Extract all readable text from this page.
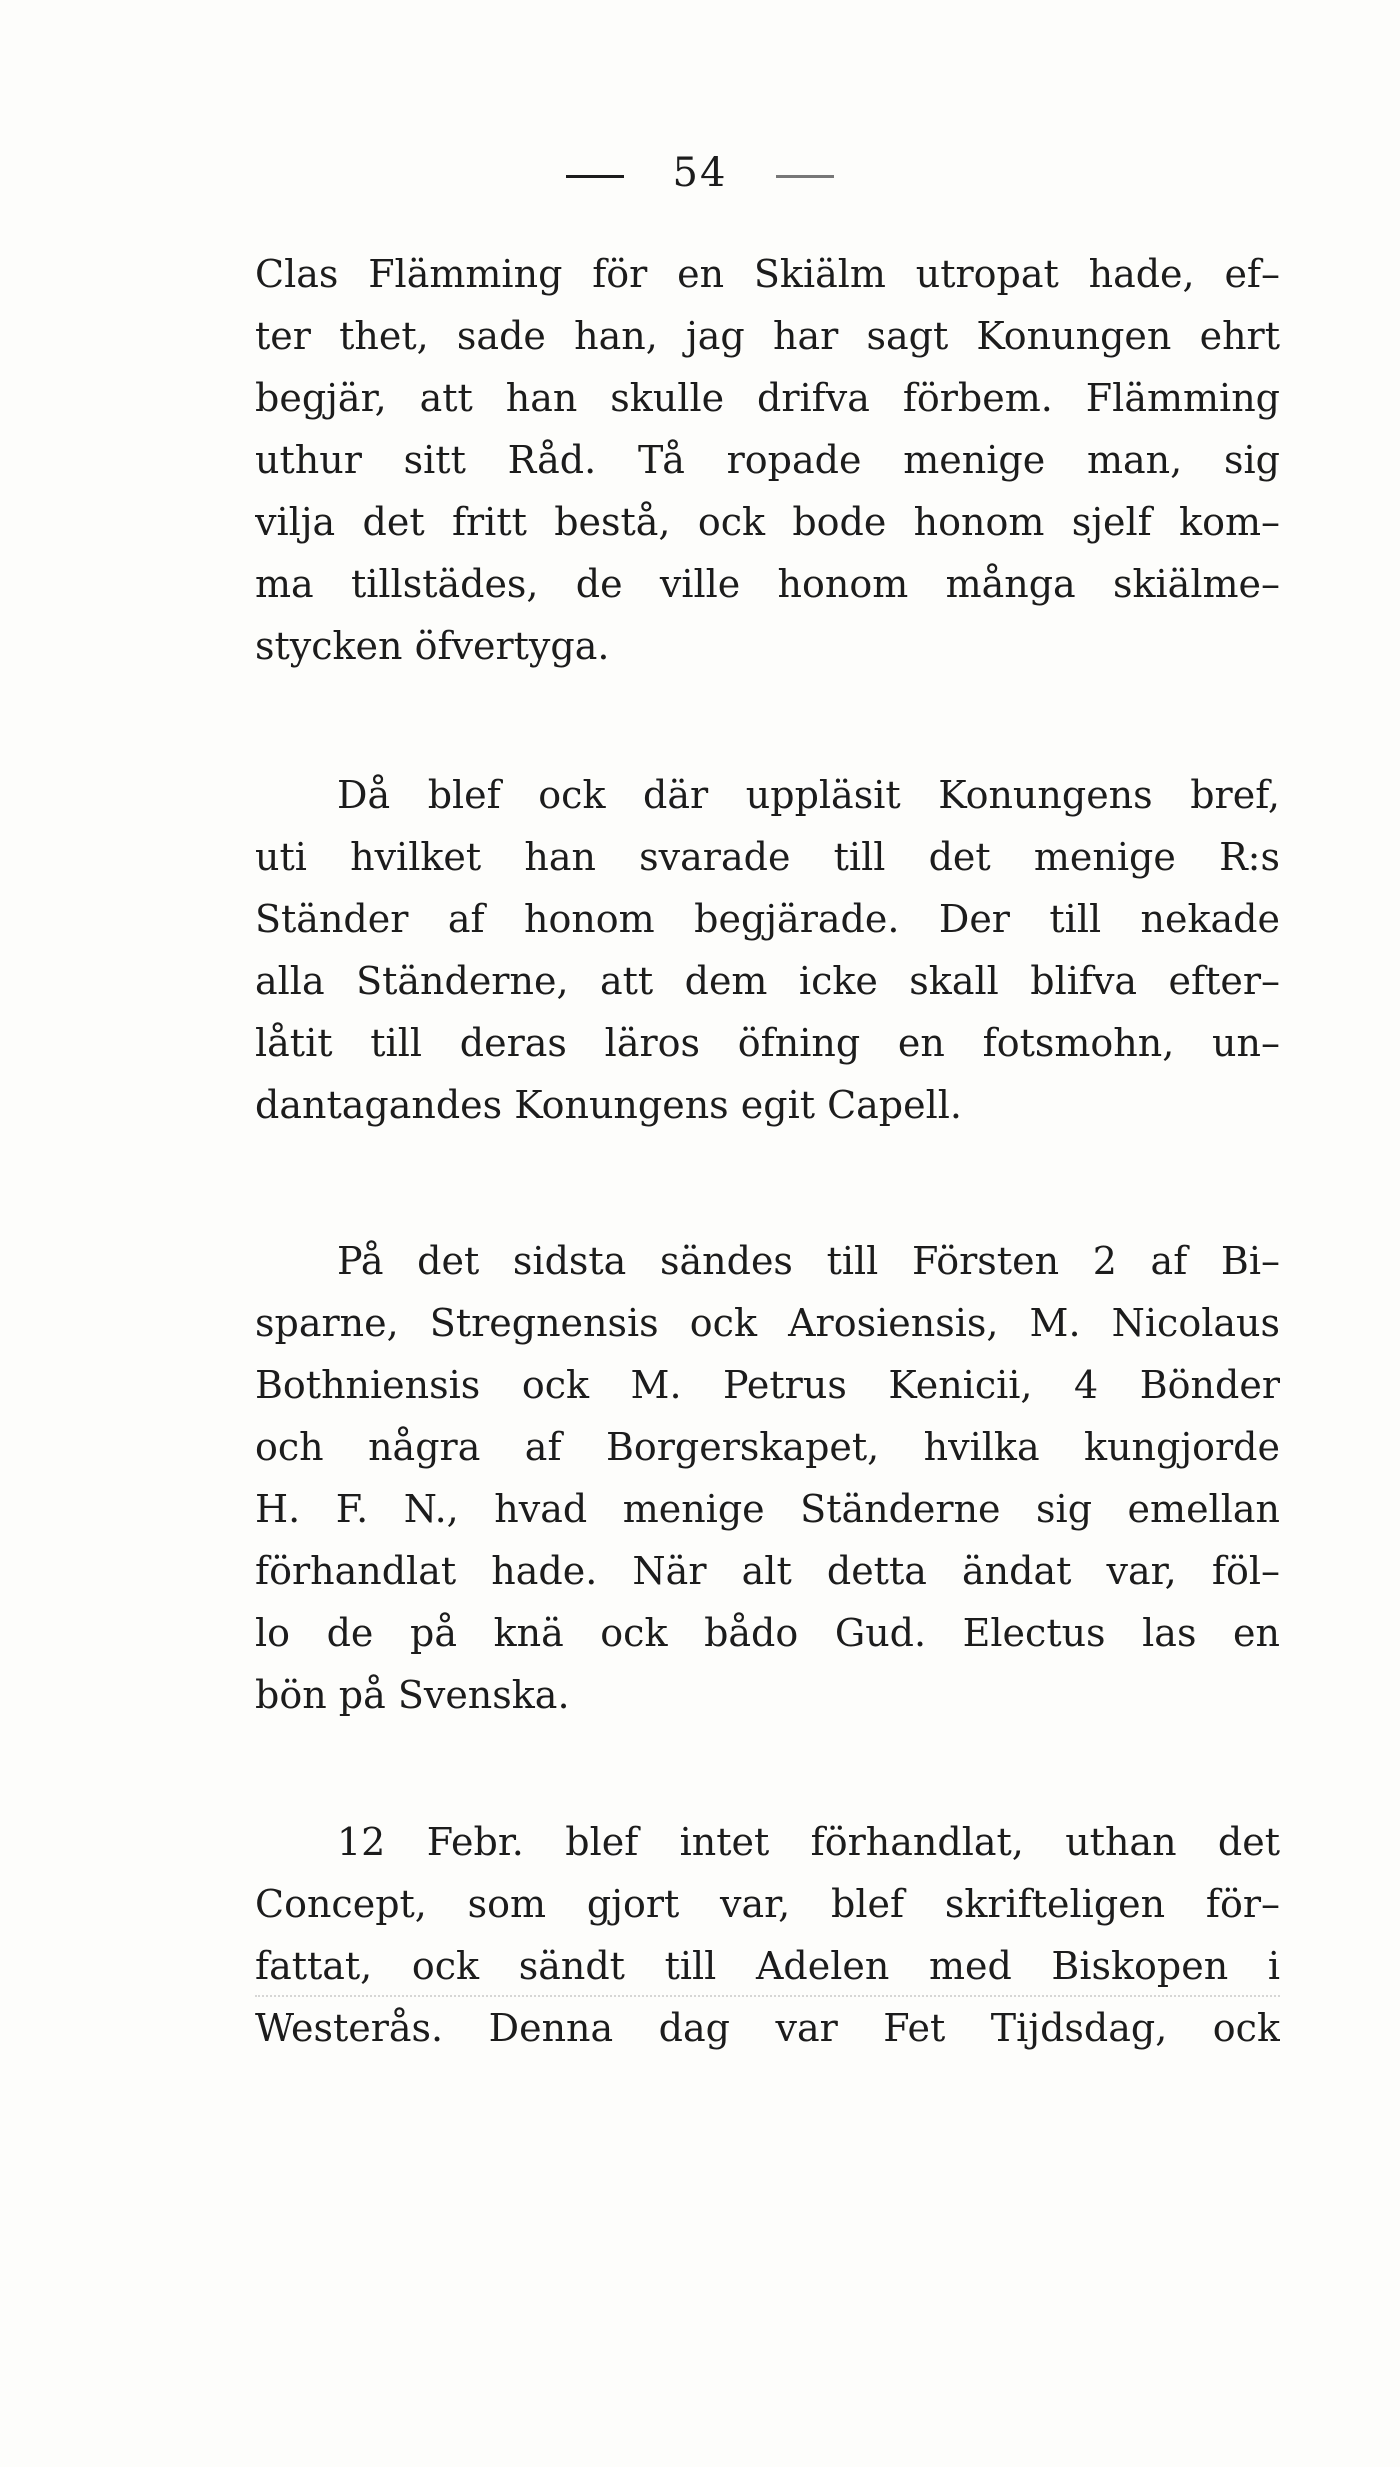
54

Clas Flämming för en Skiälm utropat hade, ef–
ter thet, sade han, jag har sagt Konungen ehrt
begjär, att han skulle drifva förbem. Flämming
uthur sitt Råd. Tå ropade menige man, sig
vilja det fritt bestå, ock bode honom sjelf kom–
ma tillstädes, de ville honom många skiälme–
stycken öfvertyga.

Då blef ock där uppläsit Konungens bref,
uti hvilket han svarade till det menige R:s
Ständer af honom begjärade. Der till nekade
alla Ständerne, att dem icke skall blifva efter–
låtit till deras läros öfning en fotsmohn, un–
dantagandes Konungens egit Capell.

På det sidsta sändes till Försten 2 af Bi–
sparne, Stregnensis ock Arosiensis, M. Nicolaus
Bothniensis ock M. Petrus Kenicii, 4 Bönder
och några af Borgerskapet, hvilka kungjorde
H. F. N., hvad menige Ständerne sig emellan
förhandlat hade. När alt detta ändat var, föl–
lo de på knä ock bådo Gud. Electus las en
bön på Svenska.

12 Febr. blef intet förhandlat, uthan det
Concept, som gjort var, blef skrifteligen för–
fattat, ock sändt till Adelen med Biskopen i
Westerås. Denna dag var Fet Tijdsdag, ock
